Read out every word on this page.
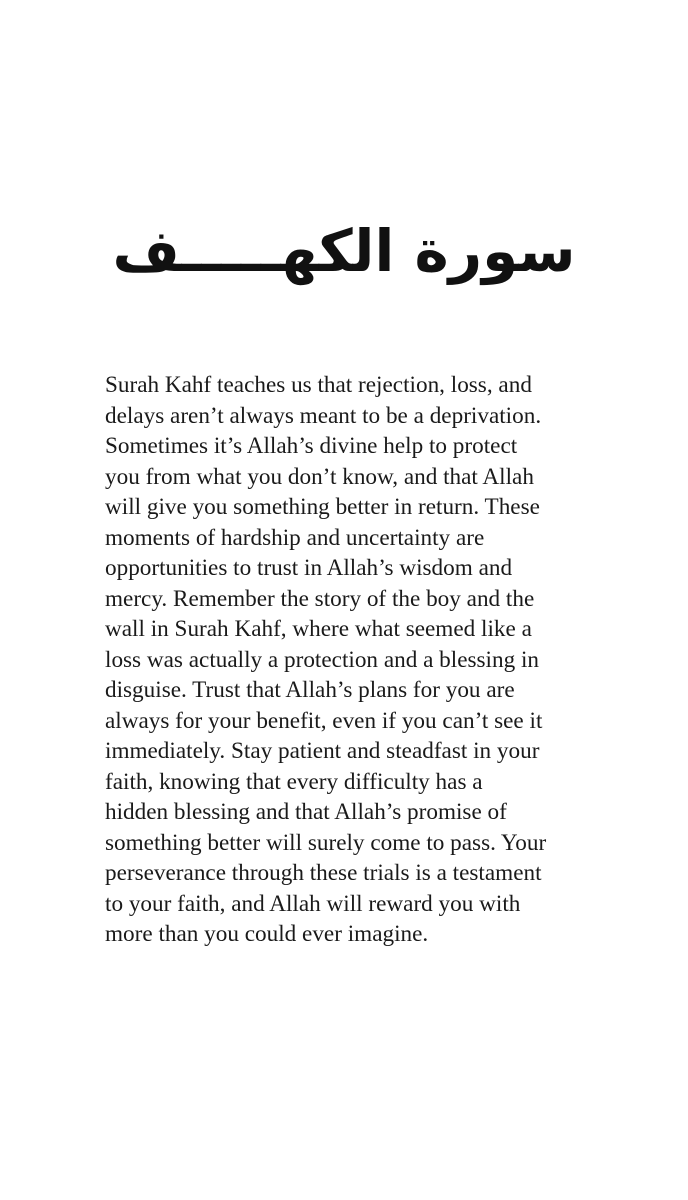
سورة الكهـــــف

Surah Kahf teaches us that rejection, loss, and
delays aren’t always meant to be a deprivation.
Sometimes it’s Allah’s divine help to protect
you from what you don’t know, and that Allah
will give you something better in return. These
moments of hardship and uncertainty are
opportunities to trust in Allah’s wisdom and
mercy. Remember the story of the boy and the
wall in Surah Kahf, where what seemed like a
loss was actually a protection and a blessing in
disguise. Trust that Allah’s plans for you are
always for your benefit, even if you can’t see it
immediately. Stay patient and steadfast in your
faith, knowing that every difficulty has a
hidden blessing and that Allah’s promise of
something better will surely come to pass. Your
perseverance through these trials is a testament
to your faith, and Allah will reward you with
more than you could ever imagine.
